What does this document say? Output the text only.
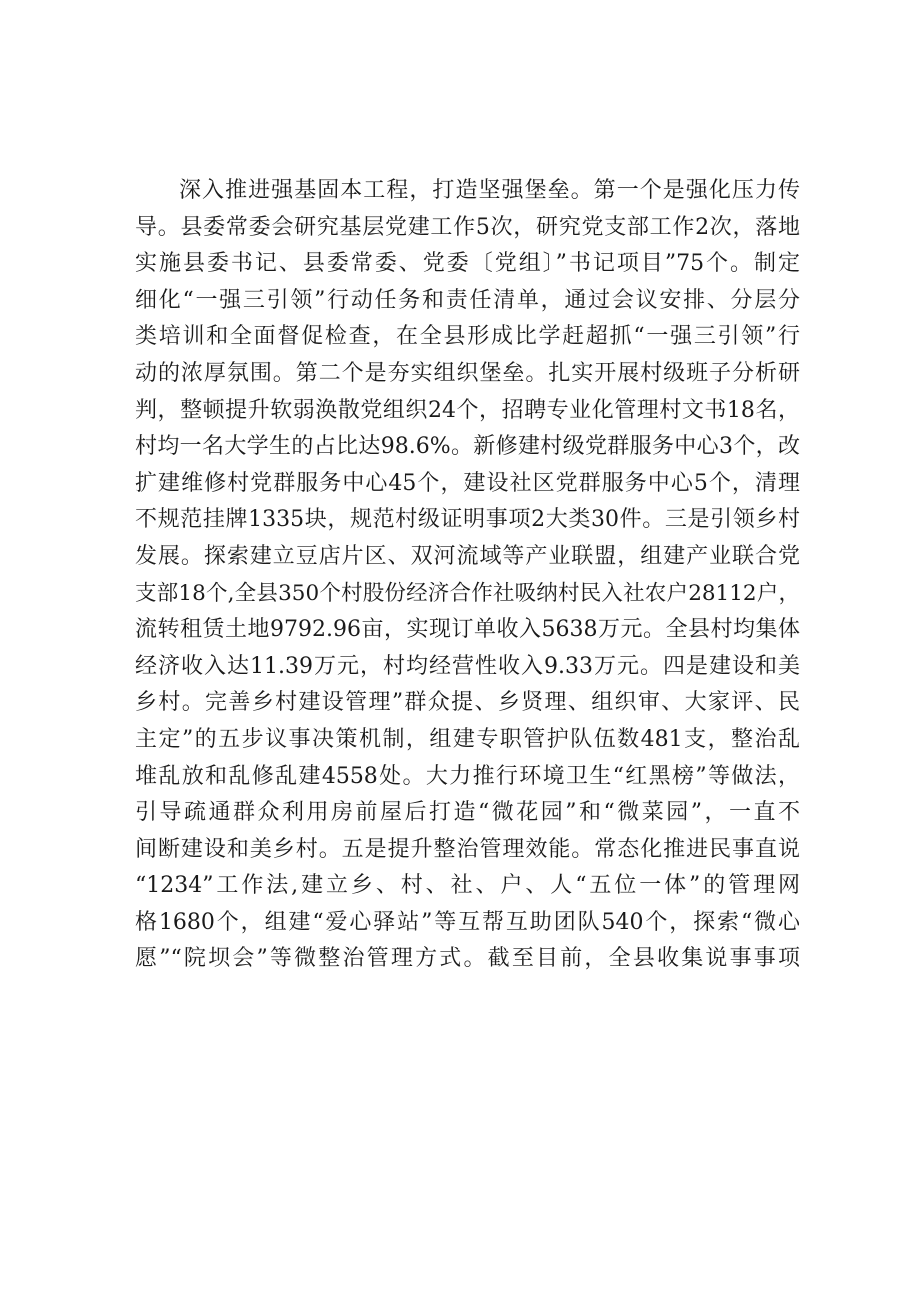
深入推进强基固本工程，打造坚强堡垒。第一个是强化压力传
导。县委常委会研究基层党建工作5次，研究党支部工作2次，落地
实施县委书记、县委常委、党委〔党组〕”书记项目”75个。制定
细化“一强三引领”行动任务和责任清单，通过会议安排、分层分
类培训和全面督促检查，在全县形成比学赶超抓“一强三引领”行
动的浓厚氛围。第二个是夯实组织堡垒。扎实开展村级班子分析研
判，整顿提升软弱涣散党组织24个，招聘专业化管理村文书18名，
村均一名大学生的占比达98.6%。新修建村级党群服务中心3个，改
扩建维修村党群服务中心45个，建设社区党群服务中心5个，清理
不规范挂牌1335块，规范村级证明事项2大类30件。三是引领乡村
发展。探索建立豆店片区、双河流域等产业联盟，组建产业联合党
支部18个,全县350个村股份经济合作社吸纳村民入社农户28112户，
流转租赁土地9792.96亩，实现订单收入5638万元。全县村均集体
经济收入达11.39万元，村均经营性收入9.33万元。四是建设和美
乡村。完善乡村建设管理”群众提、乡贤理、组织审、大家评、民
主定”的五步议事决策机制，组建专职管护队伍数481支，整治乱
堆乱放和乱修乱建4558处。大力推行环境卫生“红黑榜”等做法，
引导疏通群众利用房前屋后打造“微花园”和“微菜园”，一直不
间断建设和美乡村。五是提升整治管理效能。常态化推进民事直说
“1234”工作法,建立乡、村、社、户、人“五位一体”的管理网
格1680个，组建“爱心驿站”等互帮互助团队540个，探索“微心
愿”“院坝会”等微整治管理方式。截至目前，全县收集说事事项
